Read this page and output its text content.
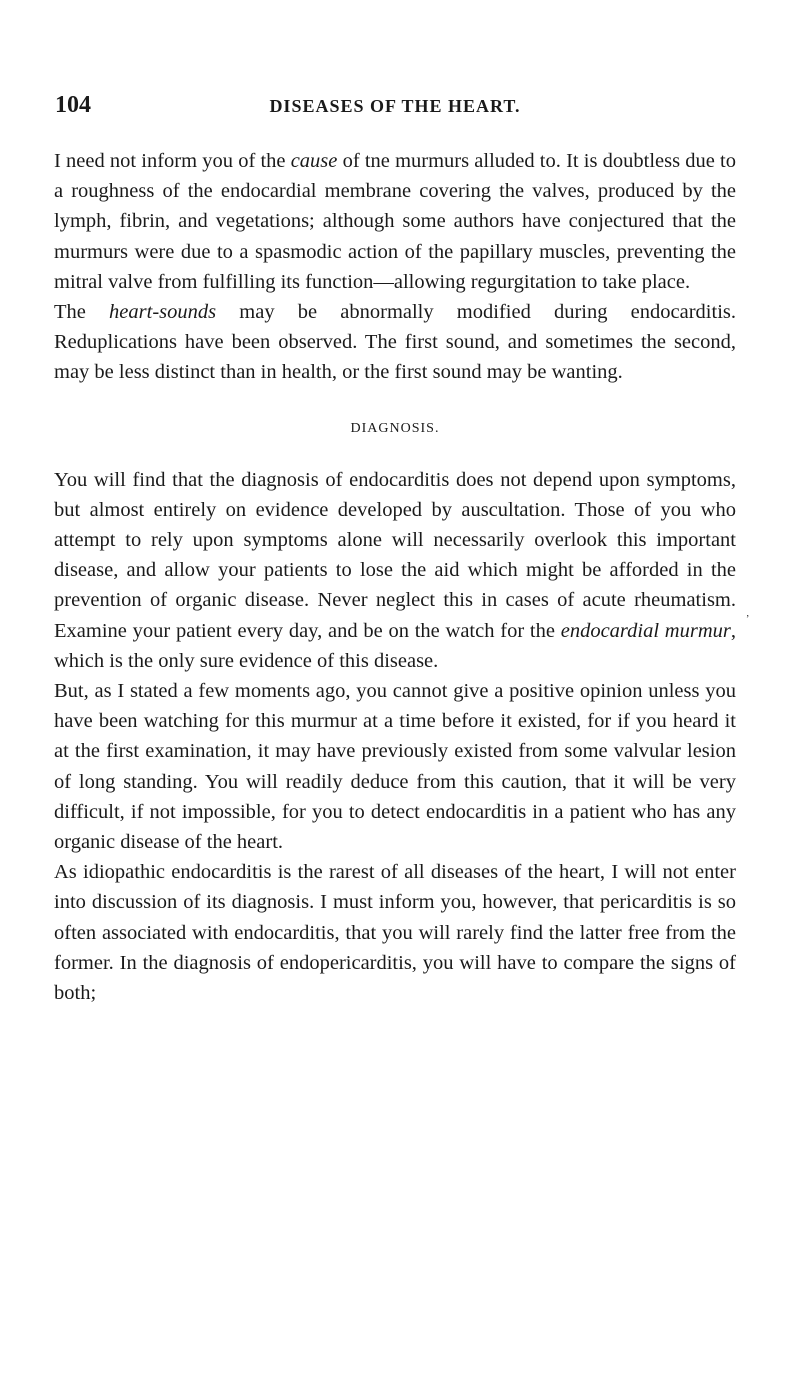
104	DISEASES OF THE HEART.

I need not inform you of the cause of tne murmurs alluded to. It is doubtless due to a roughness of the endocardial membrane covering the valves, produced by the lymph, fibrin, and vegetations; although some authors have conjectured that the murmurs were due to a spasmodic action of the papillary muscles, preventing the mitral valve from fulfilling its function—allowing regurgitation to take place.

The heart-sounds may be abnormally modified during endocarditis. Reduplications have been observed. The first sound, and sometimes the second, may be less distinct than in health, or the first sound may be wanting.

DIAGNOSIS.

You will find that the diagnosis of endocarditis does not depend upon symptoms, but almost entirely on evidence developed by auscultation. Those of you who attempt to rely upon symptoms alone will necessarily overlook this important disease, and allow your patients to lose the aid which might be afforded in the prevention of organic disease. Never neglect this in cases of acute rheumatism. Examine your patient every day, and be on the watch for the endocardial murmur, which is the only sure evidence of this disease.

But, as I stated a few moments ago, you cannot give a positive opinion unless you have been watching for this murmur at a time before it existed, for if you heard it at the first examination, it may have previously existed from some valvular lesion of long standing. You will readily deduce from this caution, that it will be very difficult, if not impossible, for you to detect endocarditis in a patient who has any organic disease of the heart.

As idiopathic endocarditis is the rarest of all diseases of the heart, I will not enter into discussion of its diagnosis. I must inform you, however, that pericarditis is so often associated with endocarditis, that you will rarely find the latter free from the former. In the diagnosis of endopericarditis, you will have to compare the signs of both;

‚
